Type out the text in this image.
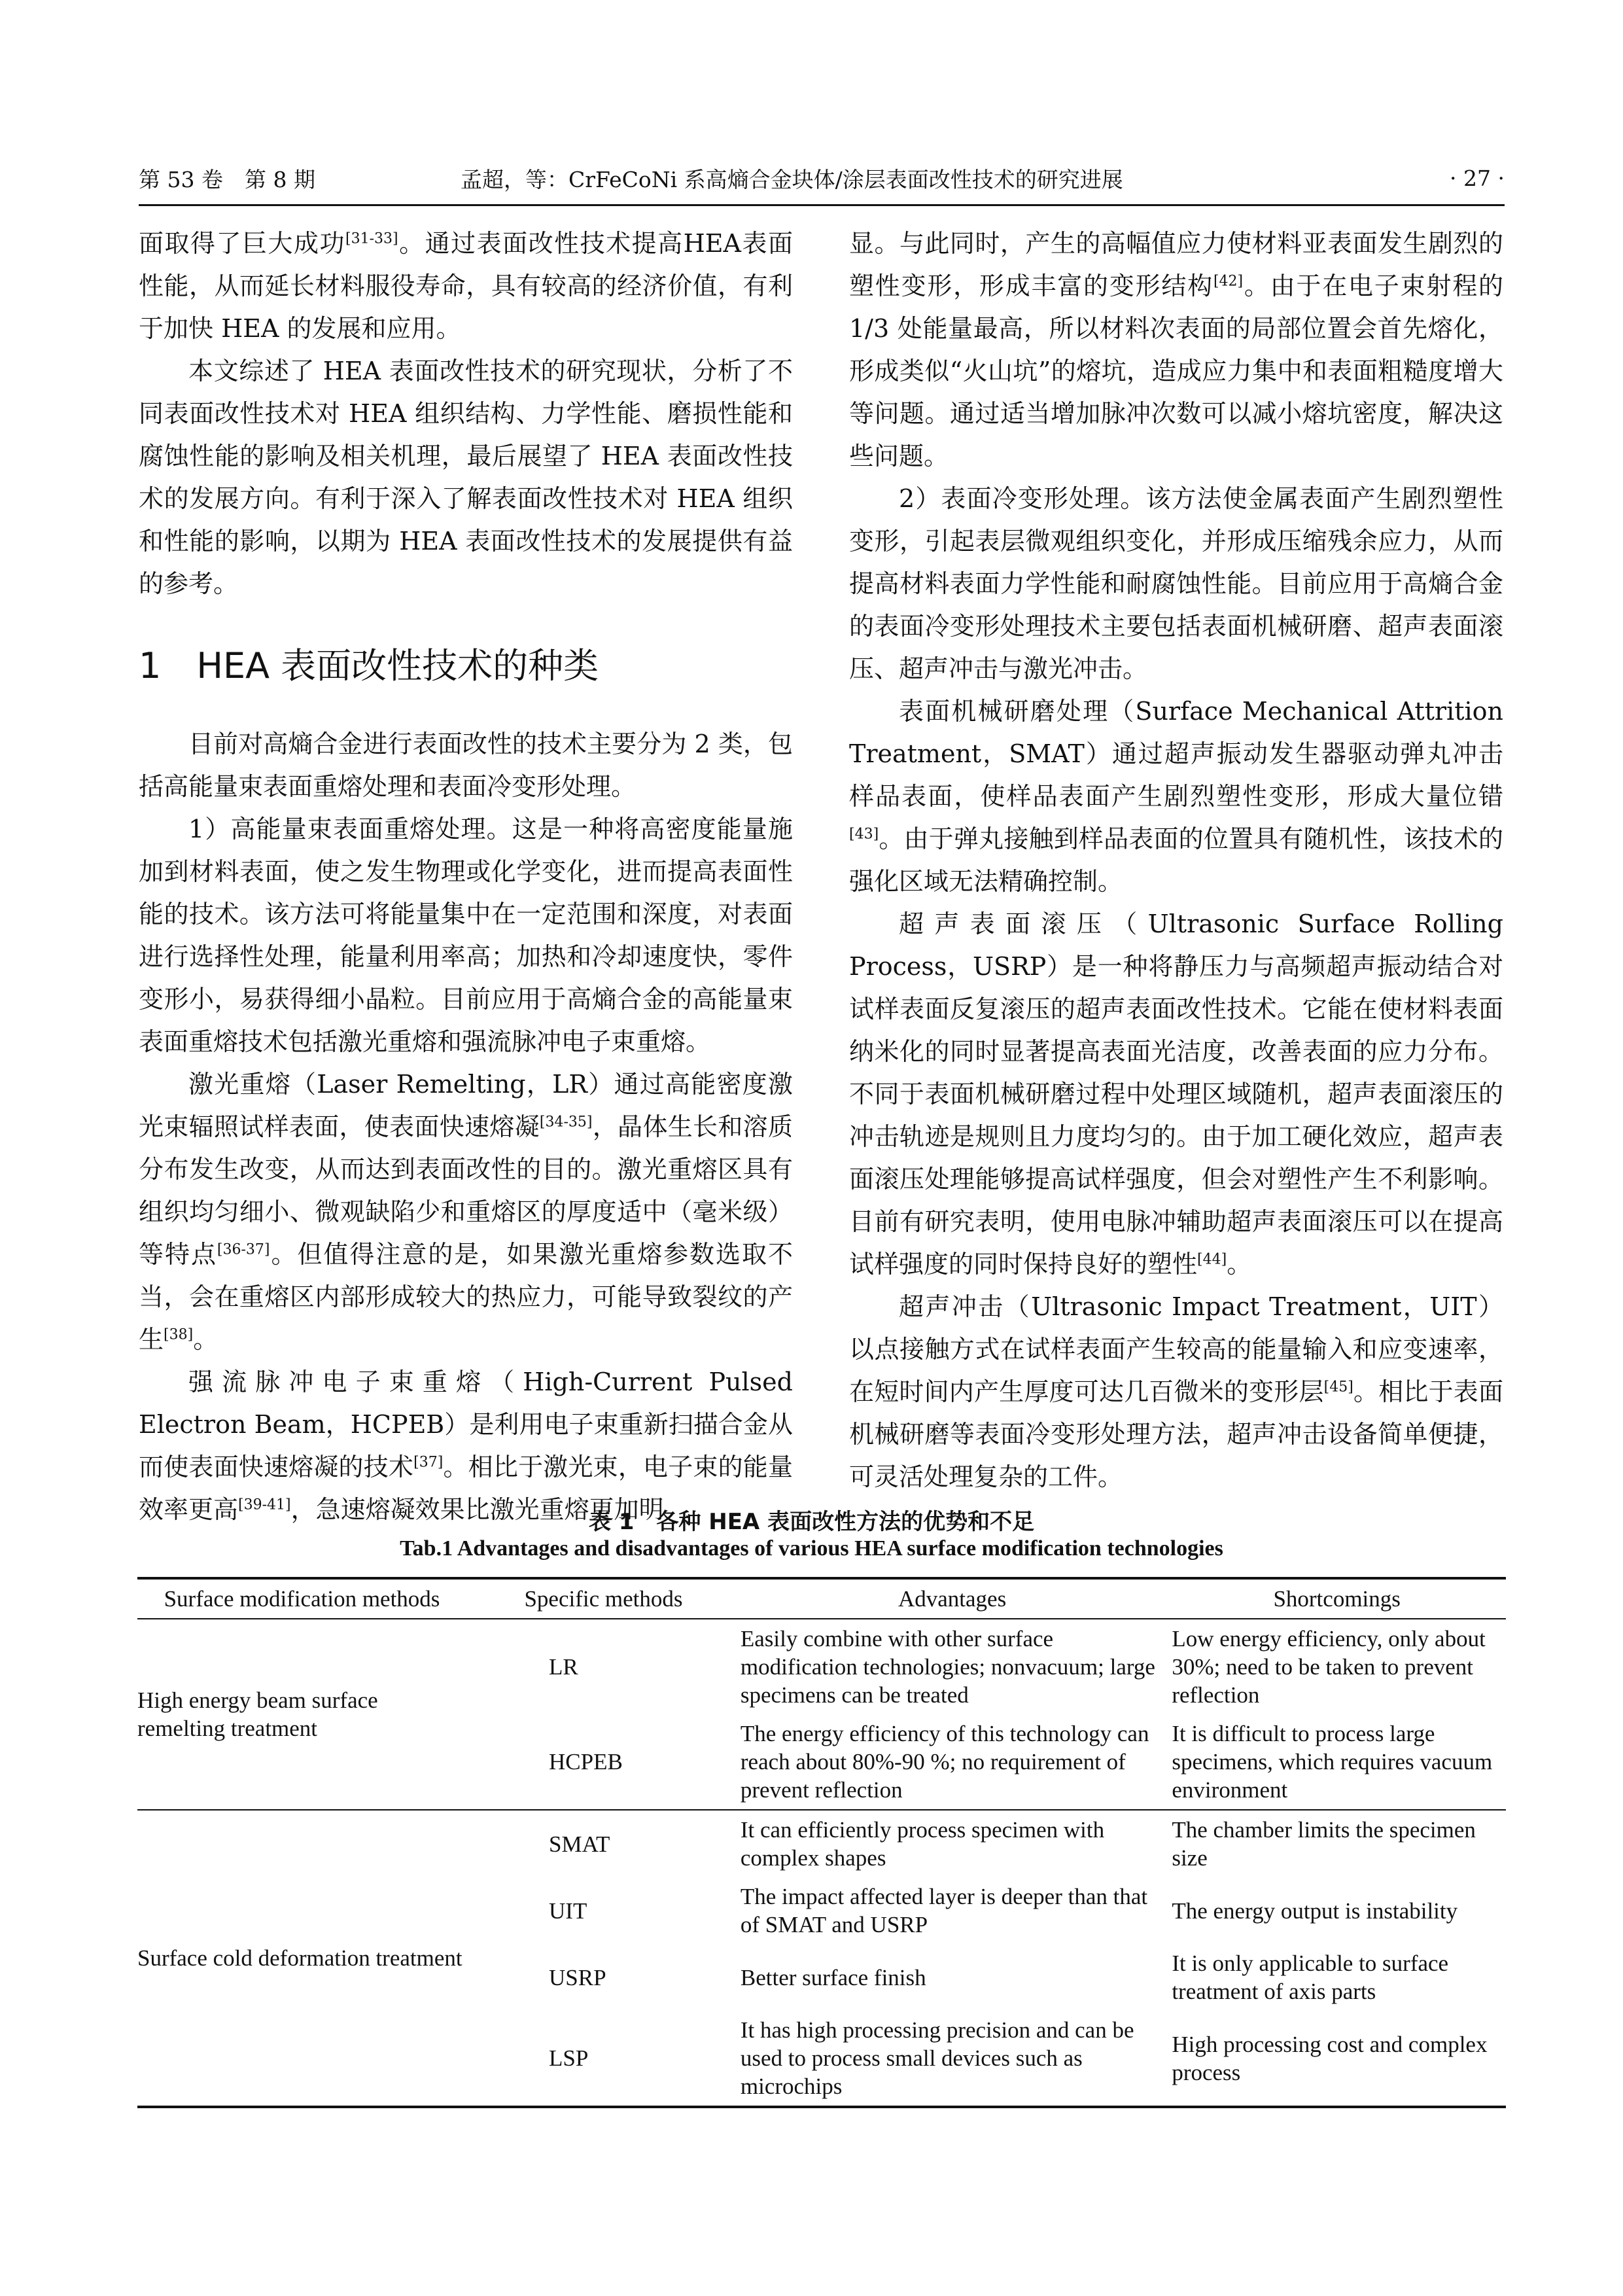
第 53 卷　第 8 期	孟超，等：CrFeCoNi 系高熵合金块体/涂层表面改性技术的研究进展	· 27 ·

面取得了巨大成功[31-33]。通过表面改性技术提高HEA表面性能，从而延长材料服役寿命，具有较高的经济价值，有利于加快 HEA 的发展和应用。

本文综述了 HEA 表面改性技术的研究现状，分析了不同表面改性技术对 HEA 组织结构、力学性能、磨损性能和腐蚀性能的影响及相关机理，最后展望了 HEA 表面改性技术的发展方向。有利于深入了解表面改性技术对 HEA 组织和性能的影响，以期为 HEA 表面改性技术的发展提供有益的参考。

1　HEA 表面改性技术的种类

目前对高熵合金进行表面改性的技术主要分为 2 类，包括高能量束表面重熔处理和表面冷变形处理。

1）高能量束表面重熔处理。这是一种将高密度能量施加到材料表面，使之发生物理或化学变化，进而提高表面性能的技术。该方法可将能量集中在一定范围和深度，对表面进行选择性处理，能量利用率高；加热和冷却速度快，零件变形小，易获得细小晶粒。目前应用于高熵合金的高能量束表面重熔技术包括激光重熔和强流脉冲电子束重熔。

激光重熔（Laser Remelting，LR）通过高能密度激光束辐照试样表面，使表面快速熔凝[34-35]，晶体生长和溶质分布发生改变，从而达到表面改性的目的。激光重熔区具有组织均匀细小、微观缺陷少和重熔区的厚度适中（毫米级）等特点[36-37]。但值得注意的是，如果激光重熔参数选取不当，会在重熔区内部形成较大的热应力，可能导致裂纹的产生[38]。

强流脉冲电子束重熔（High-Current Pulsed Electron Beam，HCPEB）是利用电子束重新扫描合金从而使表面快速熔凝的技术[37]。相比于激光束，电子束的能量效率更高[39-41]，急速熔凝效果比激光重熔更加明

显。与此同时，产生的高幅值应力使材料亚表面发生剧烈的塑性变形，形成丰富的变形结构[42]。由于在电子束射程的 1/3 处能量最高，所以材料次表面的局部位置会首先熔化，形成类似“火山坑”的熔坑，造成应力集中和表面粗糙度增大等问题。通过适当增加脉冲次数可以减小熔坑密度，解决这些问题。

2）表面冷变形处理。该方法使金属表面产生剧烈塑性变形，引起表层微观组织变化，并形成压缩残余应力，从而提高材料表面力学性能和耐腐蚀性能。目前应用于高熵合金的表面冷变形处理技术主要包括表面机械研磨、超声表面滚压、超声冲击与激光冲击。

表面机械研磨处理（Surface Mechanical Attrition Treatment，SMAT）通过超声振动发生器驱动弹丸冲击样品表面，使样品表面产生剧烈塑性变形，形成大量位错[43]。由于弹丸接触到样品表面的位置具有随机性，该技术的强化区域无法精确控制。

超声表面滚压（Ultrasonic Surface Rolling Process，USRP）是一种将静压力与高频超声振动结合对试样表面反复滚压的超声表面改性技术。它能在使材料表面纳米化的同时显著提高表面光洁度，改善表面的应力分布。不同于表面机械研磨过程中处理区域随机，超声表面滚压的冲击轨迹是规则且力度均匀的。由于加工硬化效应，超声表面滚压处理能够提高试样强度，但会对塑性产生不利影响。目前有研究表明，使用电脉冲辅助超声表面滚压可以在提高试样强度的同时保持良好的塑性[44]。

超声冲击（Ultrasonic Impact Treatment，UIT）以点接触方式在试样表面产生较高的能量输入和应变速率，在短时间内产生厚度可达几百微米的变形层[45]。相比于表面机械研磨等表面冷变形处理方法，超声冲击设备简单便捷，可灵活处理复杂的工件。

表 1　各种 HEA 表面改性方法的优势和不足
Tab.1 Advantages and disadvantages of various HEA surface modification technologies
Surface modification methods	Specific methods	Advantages	Shortcomings
High energy beam surface remelting treatment	LR	Easily combine with other surface modification technologies; nonvacuum; large specimens can be treated	Low energy efficiency, only about 30%; need to be taken to prevent reflection
	HCPEB	The energy efficiency of this technology can reach about 80%-90 %; no requirement of prevent reflection	It is difficult to process large specimens, which requires vacuum environment
Surface cold deformation treatment	SMAT	It can efficiently process specimen with complex shapes	The chamber limits the specimen size
	UIT	The impact affected layer is deeper than that of SMAT and USRP	The energy output is instability
	USRP	Better surface finish	It is only applicable to surface treatment of axis parts
	LSP	It has high processing precision and can be used to process small devices such as microchips	High processing cost and complex process
